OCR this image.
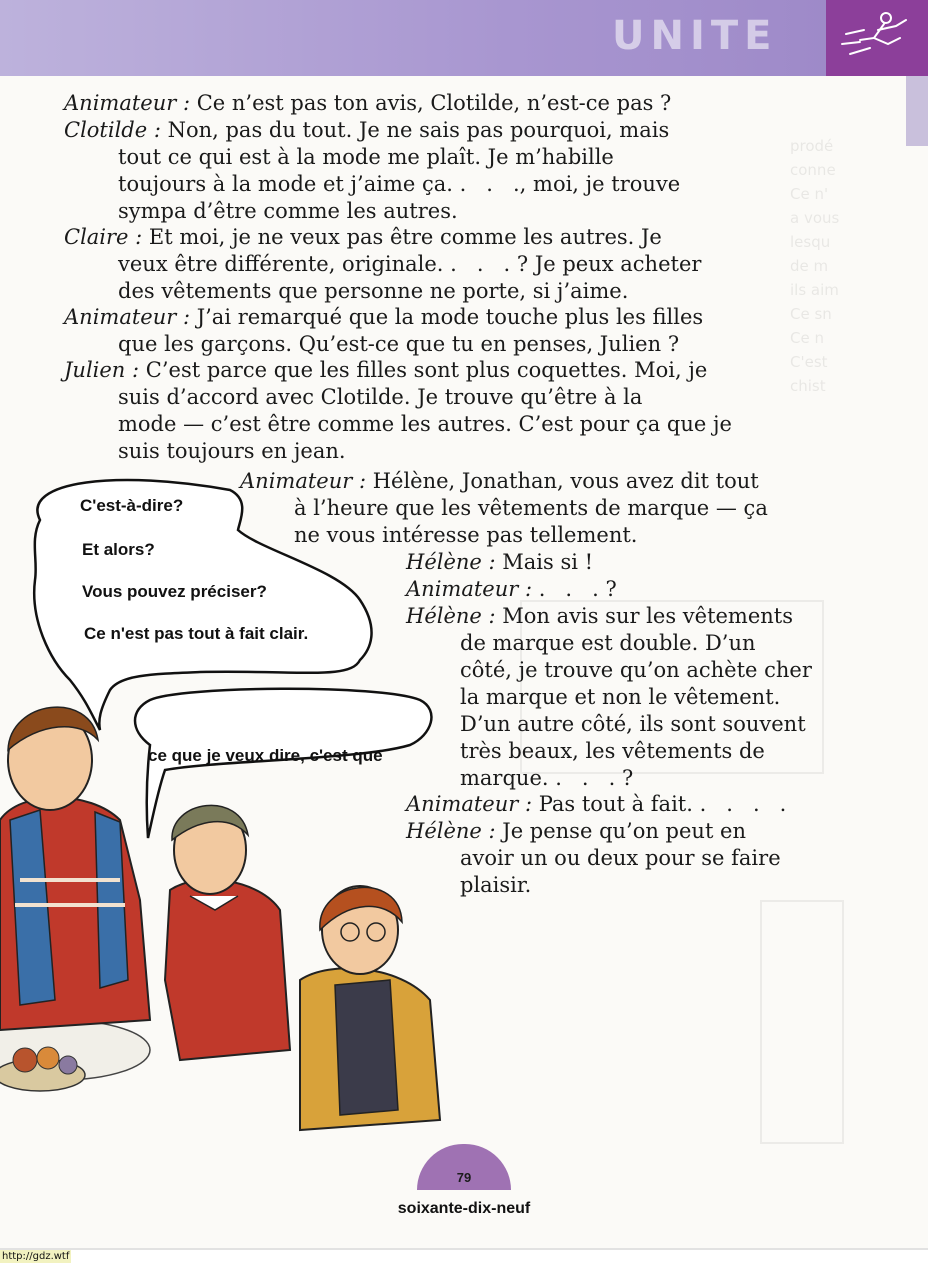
prodé
conne
Ce n'
a vous
lesqu
de m
ils aim
Ce sn
Ce n
C'est
chist
UNITE
Animateur : Ce n’est pas ton avis, Clotilde, n’est-ce pas ?
Clotilde : Non, pas du tout. Je ne sais pas pourquoi, mais
tout ce qui est à la mode me plaît. Je m’habille
toujours à la mode et j’aime ça. .   .   ., moi, je trouve
sympa d’être comme les autres.
Claire : Et moi, je ne veux pas être comme les autres. Je
veux être différente, originale. .   .   . ? Je peux acheter
des vêtements que personne ne porte, si j’aime.
Animateur : J’ai remarqué que la mode touche plus les filles
que les garçons. Qu’est-ce que tu en penses, Julien ?
Julien : C’est parce que les filles sont plus coquettes. Moi, je
suis d’accord avec Clotilde. Je trouve qu’être à la
mode — c’est être comme les autres. C’est pour ça que je
suis toujours en jean.
Animateur : Hélène, Jonathan, vous avez dit tout
à l’heure que les vêtements de marque — ça
ne vous intéresse pas tellement.
Hélène : Mais si !
Animateur : .   .   . ?
Hélène : Mon avis sur les vêtements
de marque est double. D’un
côté, je trouve qu’on achète cher
la marque et non le vêtement.
D’un autre côté, ils sont souvent
très beaux, les vêtements de
marque. .   .   . ?
Animateur : Pas tout à fait. .   .   .   .
Hélène : Je pense qu’on peut en
avoir un ou deux pour se faire
plaisir.
C'est-à-dire?
Et alors?
Vous pouvez préciser?
Ce n'est pas tout à fait clair.
ce que je veux dire, c'est que
79
soixante-dix-neuf
http://gdz.wtf
